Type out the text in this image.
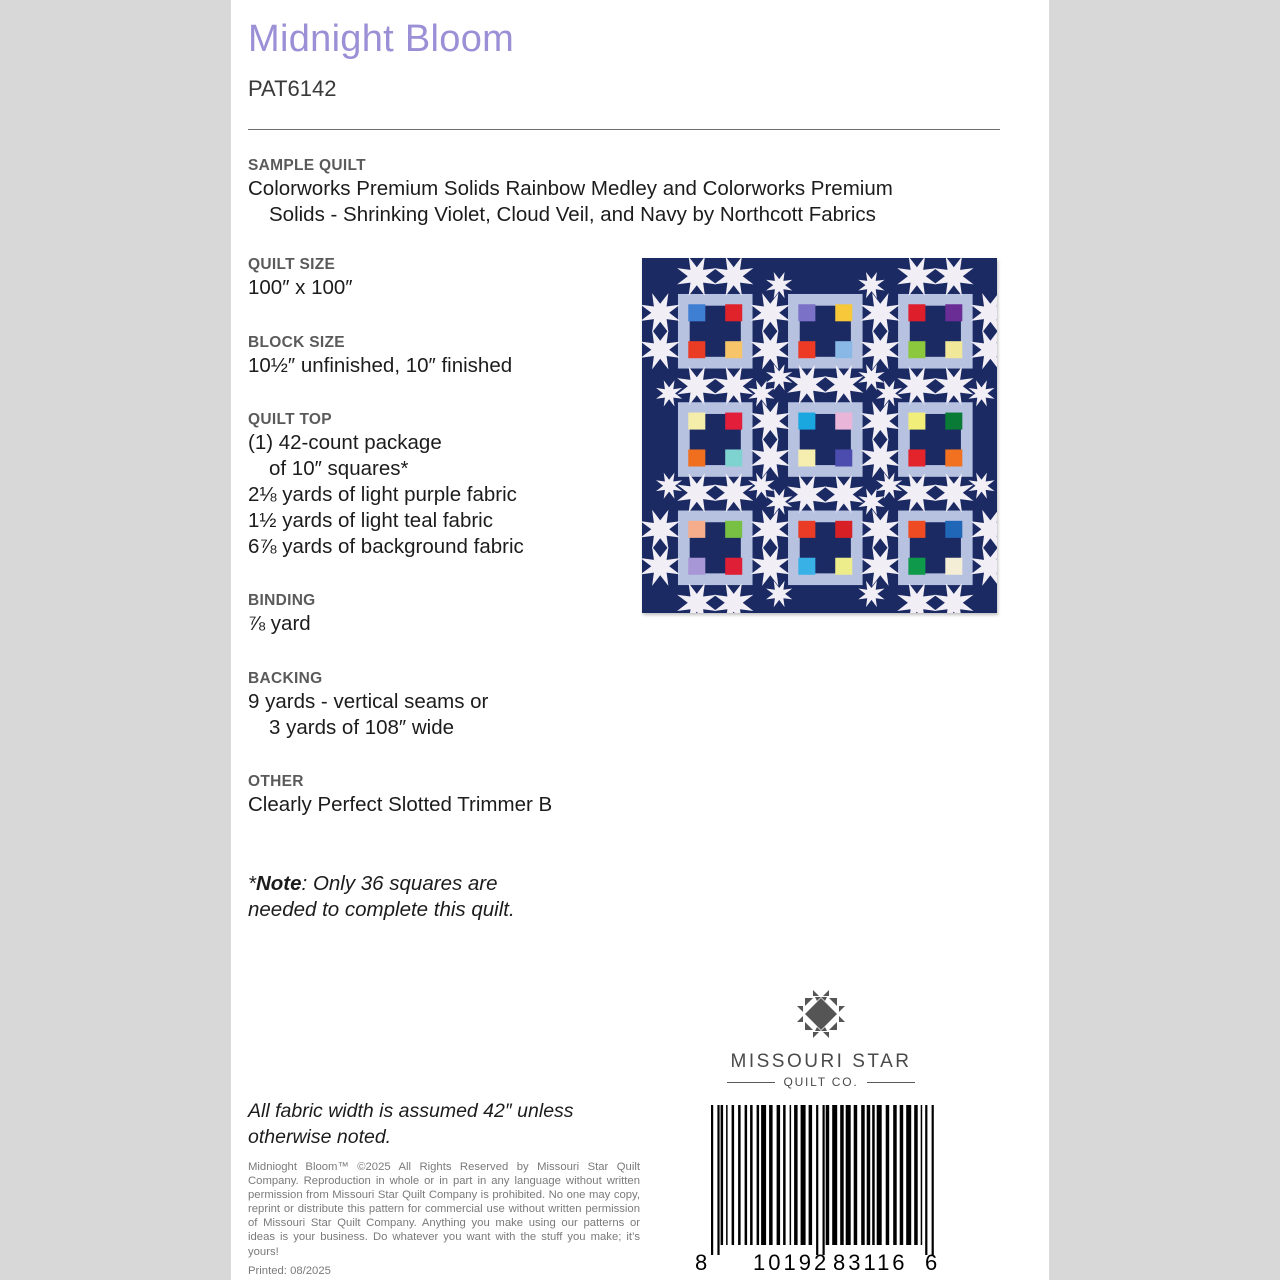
Midnight Bloom
PAT6142
SAMPLE QUILT
Colorworks Premium Solids Rainbow Medley and Colorworks Premium
Solids - Shrinking Violet, Cloud Veil, and Navy by Northcott Fabrics
QUILT SIZE
100″ x 100″
BLOCK SIZE
10½″ unfinished, 10″ finished
QUILT TOP
(1) 42-count package
of 10″ squares*
2⅛ yards of light purple fabric
1½ yards of light teal fabric
6⅞ yards of background fabric
BINDING
⅞ yard
BACKING
9 yards - vertical seams or
3 yards of 108″ wide
OTHER
Clearly Perfect Slotted Trimmer B
*Note: Only 36 squares are
needed to complete this quilt.
MISSOURI STAR
QUILT CO.
8 10192 83116 6
All fabric width is assumed 42″ unless otherwise noted.
Midnioght Bloom™ ©2025 All Rights Reserved by Missouri Star Quilt Company. Reproduction in whole or in part in any language without written permission from Missouri Star Quilt Company is prohibited. No one may copy, reprint or distribute this pattern for commercial use without written permission of Missouri Star Quilt Company. Anything you make using our patterns or ideas is your business. Do whatever you want with the stuff you make; it’s yours!
Printed: 08/2025
